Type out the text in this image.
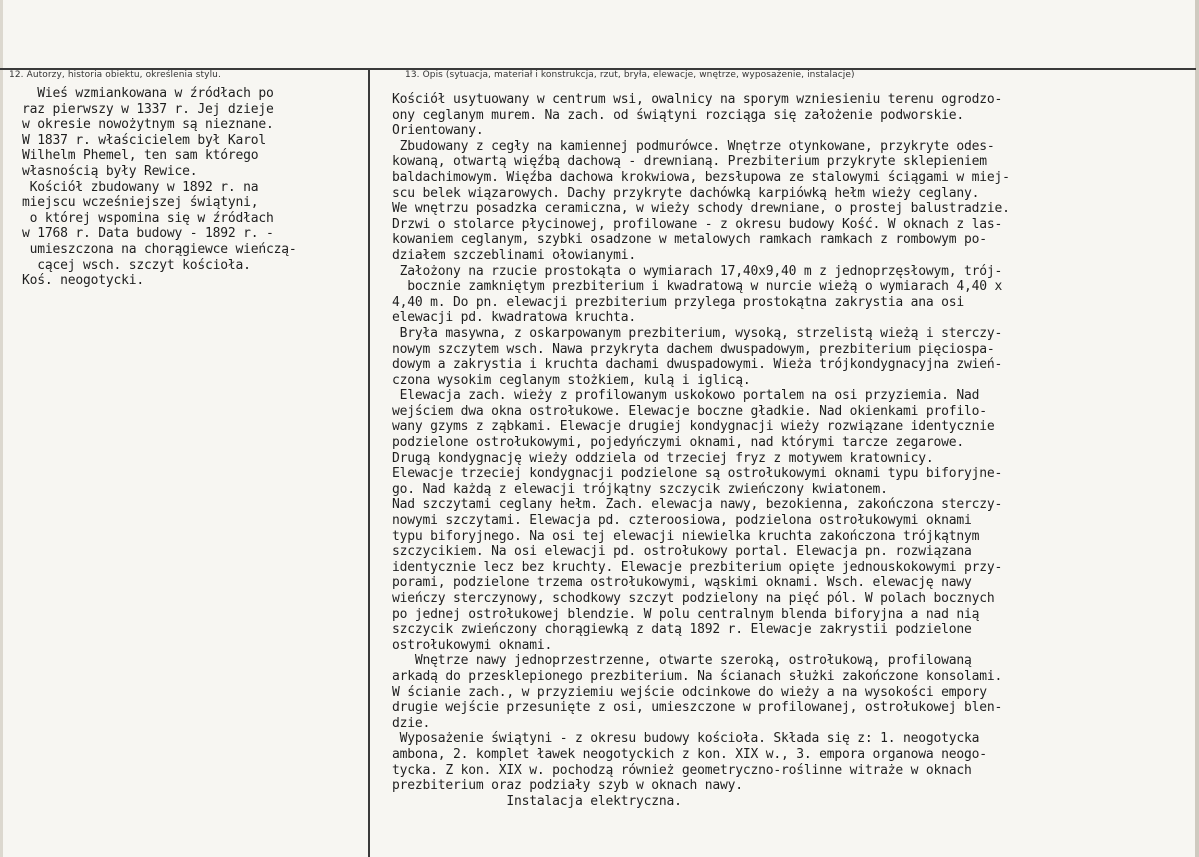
12. Autorzy, historia obiektu, określenia stylu.	13. Opis (sytuacja, materiał i konstrukcja, rzut, bryła, elewacje, wnętrze, wyposażenie, instalacje)
Wieś wzmiankowana w źródłach po
raz pierwszy w 1337 r. Jej dzieje
w okresie nowożytnym są nieznane.
W 1837 r. właścicielem był Karol
Wilhelm Phemel, ten sam którego
własnością były Rewice.
Kościół zbudowany w 1892 r. na
miejscu wcześniejszej świątyni,
o której wspomina się w źródłach
w 1768 r. Data budowy - 1892 r. -
umieszczona na chorągiewce wieńczą-
cącej wsch. szczyt kościoła.
Koś. neogotycki.
Kościół usytuowany w centrum wsi, owalnicy na sporym wzniesieniu terenu ogrodzo-
ony ceglanym murem. Na zach. od świątyni rozciąga się założenie podworskie.
Orientowany.
Zbudowany z cegły na kamiennej podmurówce. Wnętrze otynkowane, przykryte odes-
kowaną, otwartą więźbą dachową - drewnianą. Prezbiterium przykryte sklepieniem
baldachimowym. Więźba dachowa krokwiowa, bezsłupowa ze stalowymi ściągami w miej-
scu belek wiązarowych. Dachy przykryte dachówką karpiówką hełm wieży ceglany.
We wnętrzu posadzka ceramiczna, w wieży schody drewniane, o prostej balustradzie.
Drzwi o stolarce płycinowej, profilowane - z okresu budowy Kość. W oknach z las-
kowaniem ceglanym, szybki osadzone w metalowych ramkach ramkach z rombowym po-
działem szczeblinami ołowianymi.
Założony na rzucie prostokąta o wymiarach 17,40x9,40 m z jednoprzęsłowym, trój-
bocznie zamkniętym prezbiterium i kwadratową w nurcie wieżą o wymiarach 4,40 x
4,40 m. Do pn. elewacji prezbiterium przylega prostokątna zakrystia ana osi
elewacji pd. kwadratowa kruchta.
Bryła masywna, z oskarpowanym prezbiterium, wysoką, strzelistą wieżą i sterczy-
nowym szczytem wsch. Nawa przykryta dachem dwuspadowym, prezbiterium pięciospa-
dowym a zakrystia i kruchta dachami dwuspadowymi. Wieża trójkondygnacyjna zwień-
czona wysokim ceglanym stożkiem, kulą i iglicą.
Elewacja zach. wieży z profilowanym uskokowo portalem na osi przyziemia. Nad
wejściem dwa okna ostrołukowe. Elewacje boczne gładkie. Nad okienkami profilo-
wany gzyms z ząbkami. Elewacje drugiej kondygnacji wieży rozwiązane identycznie
podzielone ostrołukowymi, pojedyńczymi oknami, nad którymi tarcze zegarowe.
Drugą kondygnację wieży oddziela od trzeciej fryz z motywem kratownicy.
Elewacje trzeciej kondygnacji podzielone są ostrołukowymi oknami typu biforyjne-
go. Nad każdą z elewacji trójkątny szczycik zwieńczony kwiatonem.
Nad szczytami ceglany hełm. Zach. elewacja nawy, bezokienna, zakończona sterczy-
nowymi szczytami. Elewacja pd. czteroosiowa, podzielona ostrołukowymi oknami
typu biforyjnego. Na osi tej elewacji niewielka kruchta zakończona trójkątnym
szczycikiem. Na osi elewacji pd. ostrołukowy portal. Elewacja pn. rozwiązana
identycznie lecz bez kruchty. Elewacje prezbiterium opięte jednouskokowymi przy-
porami, podzielone trzema ostrołukowymi, wąskimi oknami. Wsch. elewację nawy
wieńczy sterczynowy, schodkowy szczyt podzielony na pięć pól. W polach bocznych
po jednej ostrołukowej blendzie. W polu centralnym blenda biforyjna a nad nią
szczycik zwieńczony chorągiewką z datą 1892 r. Elewacje zakrystii podzielone
ostrołukowymi oknami.
Wnętrze nawy jednoprzestrzenne, otwarte szeroką, ostrołukową, profilowaną
arkadą do przesklepionego prezbiterium. Na ścianach służki zakończone konsolami.
W ścianie zach., w przyziemiu wejście odcinkowe do wieży a na wysokości empory
drugie wejście przesunięte z osi, umieszczone w profilowanej, ostrołukowej blen-
dzie.
Wyposażenie świątyni - z okresu budowy kościoła. Składa się z: 1. neogotycka
ambona, 2. komplet ławek neogotyckich z kon. XIX w., 3. empora organowa neogo-
tycka. Z kon. XIX w. pochodzą również geometryczno-roślinne witraże w oknach
prezbiterium oraz podziały szyb w oknach nawy.
Instalacja elektryczna.
